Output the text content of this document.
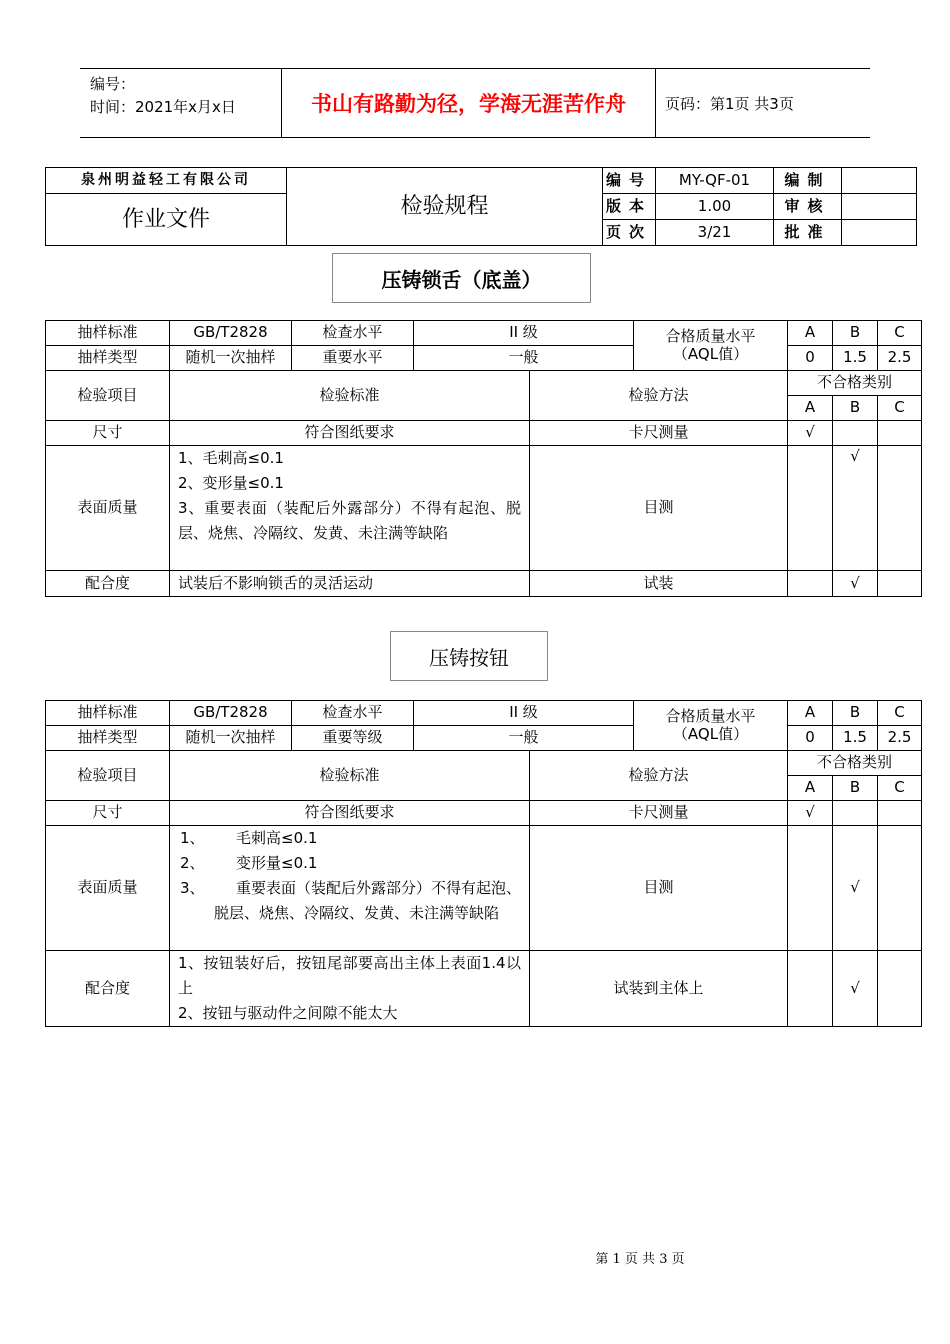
编号：
时间：2021年x月x日	书山有路勤为径，学海无涯苦作舟	页码：第1页 共3页
泉州明益轻工有限公司	检验规程	编号	MY-QF-01	编制	
作业文件		版本	1.00	审核	
		页次	3/21	批准	
压铸锁舌（底盖）
抽样标准	GB/T2828	检查水平	II 级		合格质量水平
（AQL值）	A	B	C
抽样类型	随机一次抽样	重要水平	一般			0	1.5	2.5
检验项目	检验标准			检验方法		不合格类别		
						A	B	C
尺寸	符合图纸要求			卡尺测量		√		
表面质量	1、毛刺高≤0.1
2、变形量≤0.1
3、重要表面（装配后外露部分）不得有起泡、脱层、烧焦、冷隔纹、发黄、未注满等缺陷			目测			√	
配合度	试装后不影响锁舌的灵活运动			试装			√	
压铸按钮
抽样标准	GB/T2828	检查水平	II 级		合格质量水平
（AQL值）	A	B	C
抽样类型	随机一次抽样	重要等级	一般			0	1.5	2.5
检验项目	检验标准			检验方法		不合格类别		
						A	B	C
尺寸	符合图纸要求			卡尺测量		√		
表面质量	1、 毛刺高≤0.1
2、 变形量≤0.1
3、 重要表面（装配后外露部分）不得有起泡、脱层、烧焦、冷隔纹、发黄、未注满等缺陷			目测			√	
配合度	1、按钮装好后，按钮尾部要高出主体上表面1.4以上
2、按钮与驱动件之间隙不能太大			试装到主体上			√	
第 1 页 共 3 页
